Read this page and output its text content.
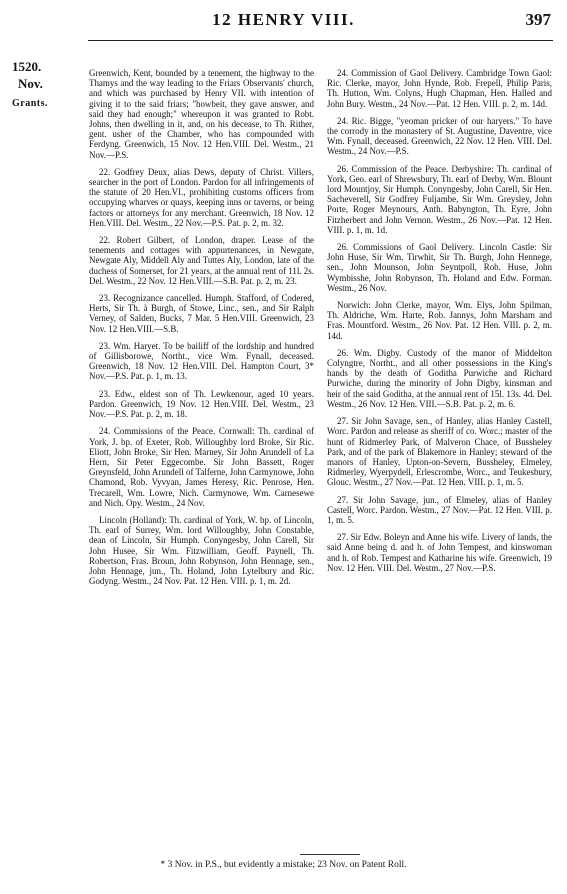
12 HENRY VIII.	397
1520.
Nov.
Grants.

Greenwich, Kent, bounded by a tenement, the highway to the Thamys and the way leading to the Friars Observants' church, and which was purchased by Henry VII. with intention of giving it to the said friars; "howbeit, they gave answer, and said they had enough;" whereupon it was granted to Robt. Johns, then dwelling in it, and, on his decease, to Th. Rither, gent. usher of the Chamber, who has compounded with Ferdyng. Greenwich, 15 Nov. 12 Hen.VIII. Del. Westm., 21 Nov.—P.S.

22. Godfrey Deux, alias Dews, deputy of Christ. Villers, searcher in the port of London. Pardon for all infringements of the statute of 20 Hen.VI., prohibiting customs officers from occupying wharves or quays, keeping inns or taverns, or being factors or attorneys for any merchant. Greenwich, 18 Nov. 12 Hen.VIII. Del. Westm., 22 Nov.—P.S. Pat. p. 2, m. 32.

22. Robert Gilbert, of London, draper. Lease of the tenements and cottages with appurtenances, in Newgate, Newgate Aly, Middell Aly and Tuttes Aly, London, late of the duchess of Somerset, for 21 years, at the annual rent of 11l. 2s. Del. Westm., 22 Nov. 12 Hen.VIII.—S.B. Pat. p. 2, m. 23.

23. Recognizance cancelled. Humph. Stafford, of Codered, Herts, Sir Th. à Burgh, of Stowe, Linc., sen., and Sir Ralph Verney, of Salden, Bucks, 7 Mar. 5 Hen.VIII. Greenwich, 23 Nov. 12 Hen.VIII.—S.B.

23. Wm. Haryet. To be bailiff of the lordship and hundred of Gillisborowe, Northt., vice Wm. Fynall, deceased. Greenwich, 18 Nov. 12 Hen.VIII. Del. Hampton Court, 3* Nov.—P.S. Pat. p. 1, m. 13.

23. Edw., eldest son of Th. Lewkenour, aged 10 years. Pardon. Greenwich, 19 Nov. 12 Hen.VIII. Del. Westm., 23 Nov.—P.S. Pat. p. 2, m. 18.

24. Commissions of the Peace. Cornwall: Th. cardinal of York, J. bp. of Exeter, Rob. Willoughby lord Broke, Sir Ric. Eliott, John Broke, Sir Hen. Marney, Sir John Arundell of La Hern, Sir Peter Eggecombe. Sir John Bassett, Roger Greynsfeld, John Arundell of Talferne, John Carmynowe, John Chamond, Rob. Vyvyan, James Heresy, Ric. Penrose, Hen. Trecarell, Wm. Lowre, Nich. Carmynowe, Wm. Carnesewe and Nich. Opy. Westm., 24 Nov.

Lincoln (Holland): Th. cardinal of York, W. bp. of Lincoln, Th. earl of Surrey, Wm. lord Willoughby, John Constable, dean of Lincoln, Sir Humph. Conyngesby, John Carell, Sir John Husee, Sir Wm. Fitzwilliam, Geoff. Paynell, Th. Robertson, Fras. Broun, John Robynson, John Hennage, sen., John Hennage, jun., Th. Holand, John Lytelbury and Ric. Godyng. Westm., 24 Nov. Pat. 12 Hen. VIII. p. 1, m. 2d.

24. Commission of Gaol Delivery. Cambridge Town Gaol: Ric. Clerke, mayor, John Hynde, Rob. Frepell, Philip Paris, Th. Hutton, Wm. Colyns, Hugh Chapman, Hen. Halled and John Bury. Westm., 24 Nov.—Pat. 12 Hen. VIII. p. 2, m. 14d.

24. Ric. Bigge, "yeoman pricker of our haryers." To have the corrody in the monastery of St. Augustine, Daventre, vice Wm. Fynall, deceased. Greenwich, 22 Nov. 12 Hen. VIII. Del. Westm., 24 Nov.—P.S.

26. Commission of the Peace. Derbyshire: Th. cardinal of York, Geo. earl of Shrewsbury, Th. earl of Derby, Wm. Blount lord Mountjoy, Sir Humph. Conyngesby, John Carell, Sir Hen. Sacheverell, Sir Godfrey Fuljambe, Sir Wm. Greysley, John Porte, Roger Meynours, Anth. Babyngton, Th. Eyre, John Fitzherbert and John Vernon. Westm., 26 Nov.—Pat. 12 Hen. VIII. p. 1, m. 1d.

26. Commissions of Gaol Delivery. Lincoln Castle: Sir John Huse, Sir Wm. Tirwhit, Sir Th. Burgh, John Hennege, sen., John Mounson, John Seyntpoll, Rob. Huse, John Wymbisshe, John Robynson, Th. Holand and Edw. Forman. Westm., 26 Nov.

Norwich: John Clerke, mayor, Wm. Elys, John Spilman, Th. Aldriche, Wm. Harte, Rob. Jannys, John Marsham and Fras. Mountford. Westm., 26 Nov. Pat. 12 Hen. VIII. p. 2, m. 14d.

26. Wm. Digby. Custody of the manor of Middelton Colyngtre, Northt., and all other possessions in the King's hands by the death of Goditha Purwiche and Richard Purwiche, during the minority of John Digby, kinsman and heir of the said Goditha, at the annual rent of 15l. 13s. 4d. Del. Westm., 26 Nov. 12 Hen. VIII.—S.B. Pat. p. 2, m. 6.

27. Sir John Savage, sen., of Hanley, alias Hanley Castell, Worc. Pardon and release as sheriff of co. Worc.; master of the hunt of Ridmerley Park, of Malveron Chace, of Bussheley Park, and of the park of Blakemore in Hanley; steward of the manors of Hanley, Upton-on-Severn, Bussheley, Elmeley, Ridmerley, Wyerpydell, Erlescrombe, Worc., and Teukesbury, Glouc. Westm., 27 Nov.—Pat. 12 Hen. VIII. p. 1, m. 5.

27. Sir John Savage, jun., of Elmeley, alias of Hanley Castell, Worc. Pardon. Westm., 27 Nov.—Pat. 12 Hen. VIII. p. 1, m. 5.

27. Sir Edw. Boleyn and Anne his wife. Livery of lands, the said Anne being d. and h. of John Tempest, and kinswoman and h. of Rob. Tempest and Katharine his wife. Greenwich, 19 Nov. 12 Hen. VIII. Del. Westm., 27 Nov.—P.S.

* 3 Nov. in P.S., but evidently a mistake; 23 Nov. on Patent Roll.
